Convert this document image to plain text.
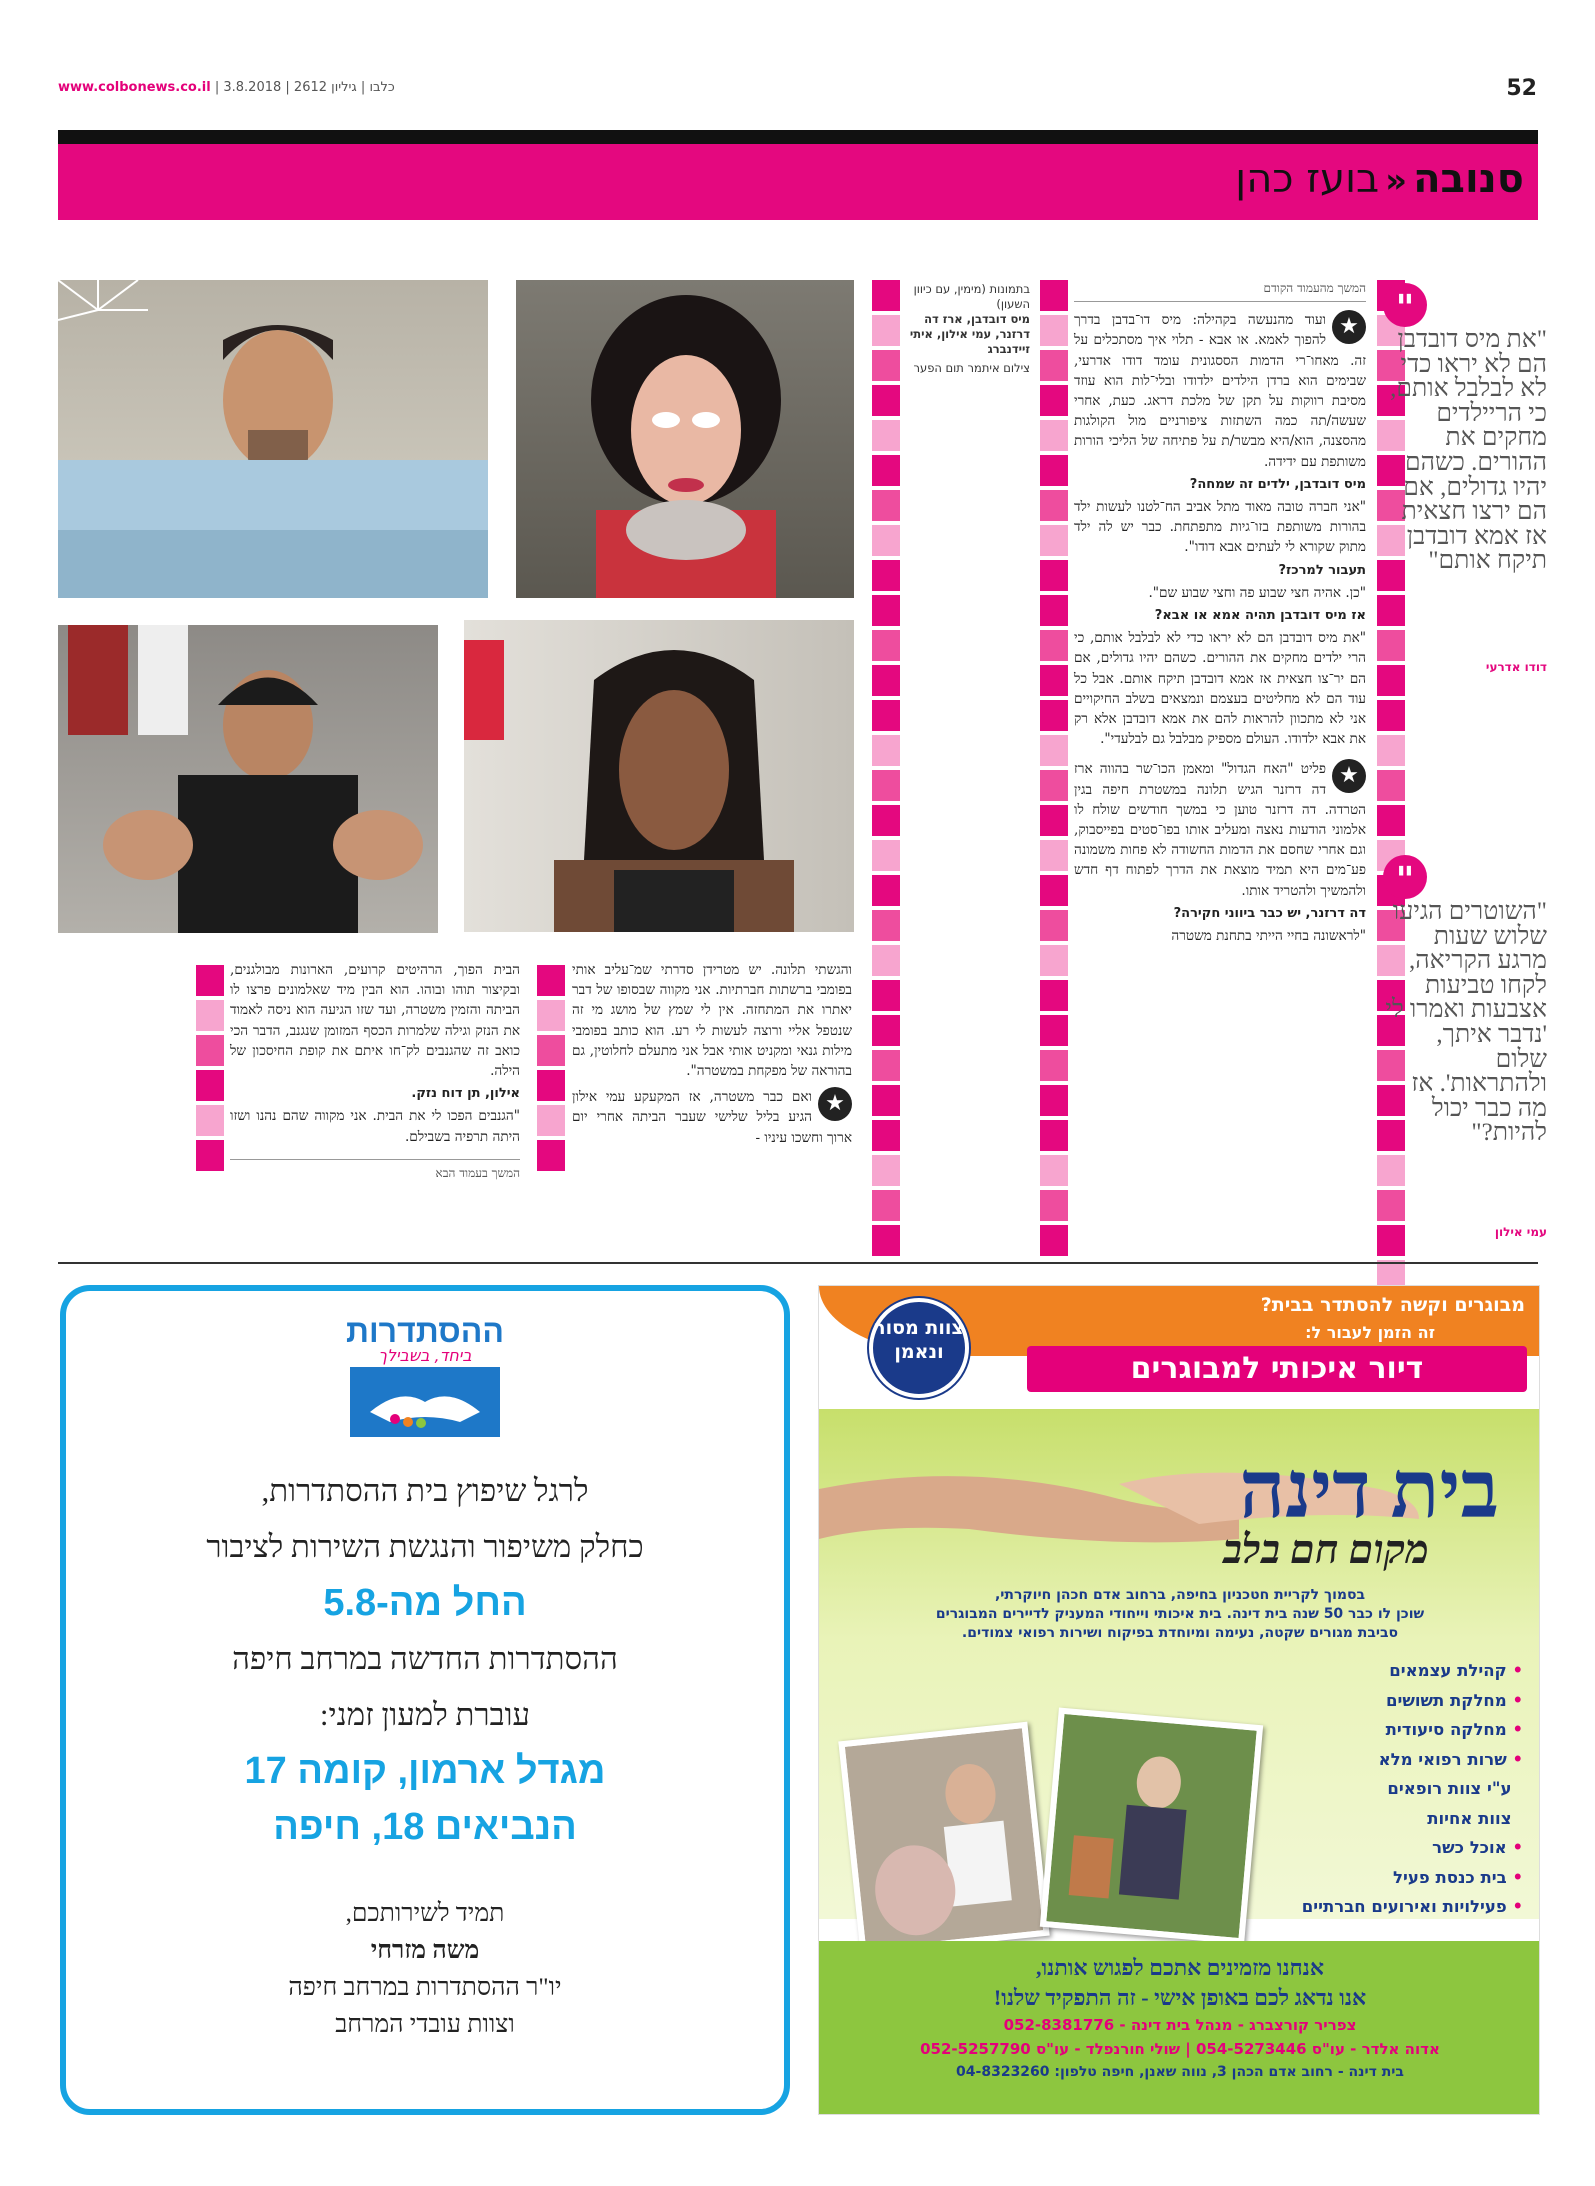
www.colbonews.co.il |	כלבו | גיליון 2612 | 3.8.2018	52
סנובה«בועז כהן
"
"את מיס דובדבן הם לא יראו כדי לא לבלבל אותם, כי הריילדים מחקים את ההורים. כשהם יהיו גדולים, אם הם ירצו חצאית אז אמא דובדבן תיקח אותם"
דודו אדרעי
"
"השוטרים הגיעו שלוש שעות מרגע הקריאה, לקחו טביעות אצבעות ואמרו לי 'נדבר איתך, שלום ולהתראות'. אז מה כבר יכול להיות?"
עמי אילון
המשך מהעמוד הקודם

★
ועוד מהנעשה בקהילה: מיס דו־בדבן בדרך להפוך לאמא. או אבא - תלוי איך מסתכלים על זה. מאחו־רי הדמות הססגונית עומד דודו אדרעי, שבימים הוא ברדן הילדים ילדודו ובלי־לות הוא עוזד מסיבת רווקות על תקן של מלכת דראג. כעת, אחרי שעשה/תה כמה השתזות ציפורניים מול הקולגות מהסצנה, הוא/היא מבשר/ת על פתיחה של הליכי הורות משותפת עם ידידה.

מיס דובדבן, ילדים זה שמחה?

"אני חברה טובה מאוד מתל אביב הח־לטנו לעשות ילד בהורות משותפת בזו־גיות מתפתחת. כבר יש לה ילד מתוק שקורא לי לעתים אבא דודו".

תעבור למרכז?

"כן. אהיה חצי שבוע פה וחצי שבוע שם".

אז מיס דובדבן תהיה אמא או אבא?

"את מיס דובדבן הם לא יראו כדי לא לבלבל אותם, כי הרי ילדים מחקים את ההורים. כשהם יהיו גדולים, אם הם יר־צו חצאית אז אמא דובדבן תיקח אותם. אבל כל עוד הם לא מחליטים בעצמם ונמצאים בשלב החיקויים אני לא מתכוון להראות להם את אמא דובדבן אלא רק את אבא ילדודו. העולם מספיק מבלבל גם לבלעדי".

★
פליט "האח הגדול" ומאמן הכו־שר בהווה ארז דה דרזנר הגיש תלונה במשטרת חיפה בגין הטרדה. דה דרזנר טוען כי במשך חודשים שולח לו אלמוני הודעות נאצה ומעליב אותו בפו־סטים בפייסבוק, וגם אחרי שחסם את הדמות החשודה לא פחות משמונה פע־מים היא תמיד מוצאת את הדרך לפתוח דף חדש ולהמשיך ולהטריד אותו.

דה דרזנר, יש כבר ביווני חקירה?

"לראשונה בחיי הייתי בתחנת משטרה

בתמונות (מימין, עם כיוון השעון)
מיס דובדבן, ארז דה דרזנר, עמי אילון, איתי זיידנברג
צילום איתמר תום הפער

והגשתי תלונה. יש מטרידן סדרתי שמ־עליב אותי בפומבי ברשתות חברתיות. אני מקווה שבסופו של דבר יאתרו את המתחזה. אין לי שמץ של מושג מי זה שנטפל אליי ורוצה לעשות לי רע. הוא כותב בפומבי מילות גנאי ומקניט אותי אבל אני מתעלם לחלוטין, גם בהוראה של מפקחת במשטרה".

★
ואם כבר משטרה, אז המקעקע עמי אילון הגיע בליל שלישי שעבר הביתה אחרי יום ארוך וחשכו עיניו -

הבית הפוך, הרהיטים קרועים, הארונות מבולגנים, ובקיצור תוהו ובוהו. הוא הבין מיד שאלמונים פרצו לו הביתה והזמין משטרה, ועד שזו הגיעה הוא ניסה לאמוד את הנזק וגילה שלמרות הכסף המזומן שנגנב, הדבר הכי כואב זה שהגנבים לק־חו איתם את קופת החיסכון של הילה.

אילון, תן דוח נזק.

"הגנבים הפכו לי את הבית. אני מקווה שהם נהנו ושזו היתה תרפיה בשבילם.

המשך בעמוד הבא
ההסתדרות
ביחד, בשבילך
לרגל שיפוץ בית ההסתדרות,
כחלק משיפור והנגשת השירות לציבור
החל מה-5.8
ההסתדרות החדשה במרחב חיפה
עוברת למעון זמני:
מגדל ארמון, קומה 17
הנביאים 18, חיפה
תמיד לשירותכם,
משה מזרחי
יו"ר ההסתדרות במרחב חיפה
וצוות עובדי המרחב
מבוגרים וקשה להסתדר בבית?
זה הזמן לעבור ל:
דיור איכותי למבוגרים
צוות מסור ונאמן
בית דינה
מקום חם בלב
בסמוך לקריית חטכניון בחיפה, ברחוב אדם חכהן חיוקרתי,
שוכן לו כבר 50 שנה בית דינה. בית איכותי וייחודי המעניק לדיירים המבוגרים
סביבת מגורים שקטה, נעימה ומיוחדת בפיקוח ושירות רפואי צמודים.
• קהילת עצמאים
• מחלקת תשושים
• מחלקה סיעודית
• שרות רפואי מלא
ע"י צוות רופאים
צוות אחיות
• אוכל כשר
• בית כנסת פעיל
• פעילויות ואירועים חברתיים
אנחנו מזמינים אתכם לפגוש אותנו,
אנו נדאג לכם באופן אישי - זה התפקיד שלנו!
צפריר קורצברג - מנהל בית דינה - 052-8381776
אדוה אלדר - עו"ס 054-5273446 | שולי חורנפלד - עו"ס 052-5257790
בית דינה - רחוב אדם הכהן 3, נווה שאנן, חיפה טלפון: 04-8323260
